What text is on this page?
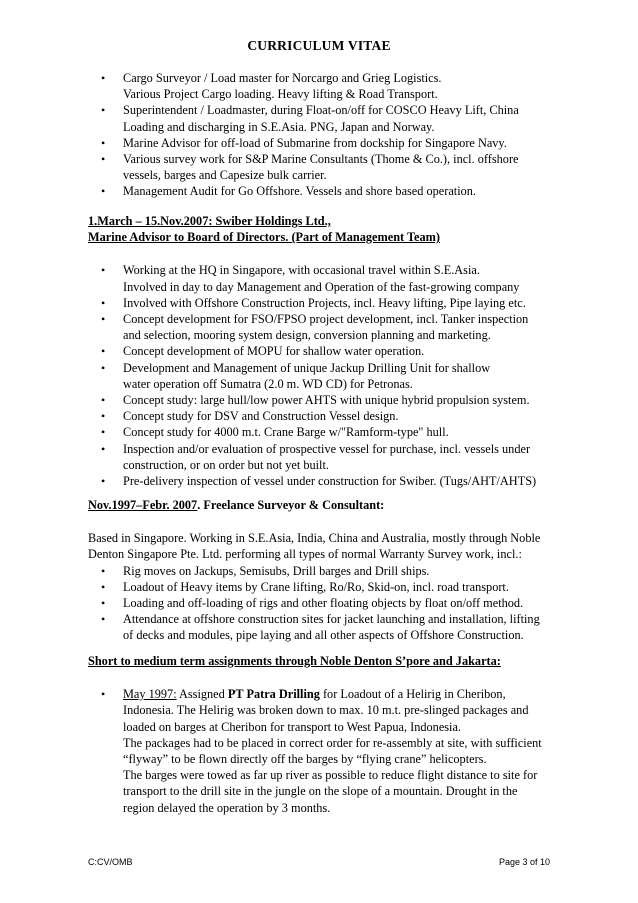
CURRICULUM VITAE
• Cargo Surveyor / Load master for Norcargo and Grieg Logistics.
Various Project Cargo loading. Heavy lifting & Road Transport.
• Superintendent / Loadmaster, during Float-on/off for COSCO Heavy Lift, China
Loading and discharging in S.E.Asia. PNG, Japan and Norway.
• Marine Advisor for off-load of Submarine from dockship for Singapore Navy.
• Various survey work for S&P Marine Consultants (Thome & Co.), incl. offshore
vessels, barges and Capesize bulk carrier.
• Management Audit for Go Offshore. Vessels and shore based operation.
1.March – 15.Nov.2007: Swiber Holdings Ltd.,
Marine Advisor to Board of Directors. (Part of Management Team)
• Working at the HQ in Singapore, with occasional travel within S.E.Asia.
Involved in day to day Management and Operation of the fast-growing company
• Involved with Offshore Construction Projects, incl. Heavy lifting, Pipe laying etc.
• Concept development for FSO/FPSO project development, incl. Tanker inspection
and selection, mooring system design, conversion planning and marketing.
• Concept development of MOPU for shallow water operation.
• Development and Management of unique Jackup Drilling Unit for shallow
water operation off Sumatra (2.0 m. WD CD) for Petronas.
• Concept study: large hull/low power AHTS with unique hybrid propulsion system.
• Concept study for DSV and Construction Vessel design.
• Concept study for 4000 m.t. Crane Barge w/"Ramform-type" hull.
• Inspection and/or evaluation of prospective vessel for purchase, incl. vessels under
construction, or on order but not yet built.
• Pre-delivery inspection of vessel under construction for Swiber. (Tugs/AHT/AHTS)
Nov.1997–Febr. 2007. Freelance Surveyor & Consultant:

Based in Singapore. Working in S.E.Asia, India, China and Australia, mostly through Noble

Denton Singapore Pte. Ltd. performing all types of normal Warranty Survey work, incl.:

• Rig moves on Jackups, Semisubs, Drill barges and Drill ships.
• Loadout of Heavy items by Crane lifting, Ro/Ro, Skid-on, incl. road transport.
• Loading and off-loading of rigs and other floating objects by float on/off method.
• Attendance at offshore construction sites for jacket launching and installation, lifting
of decks and modules, pipe laying and all other aspects of Offshore Construction.
Short to medium term assignments through Noble Denton S’pore and Jakarta:
• May 1997: Assigned PT Patra Drilling for Loadout of a Helirig in Cheribon,
Indonesia. The Helirig was broken down to max. 10 m.t. pre-slinged packages and
loaded on barges at Cheribon for transport to West Papua, Indonesia.
The packages had to be placed in correct order for re-assembly at site, with sufficient
“flyway” to be flown directly off the barges by “flying crane” helicopters.
The barges were towed as far up river as possible to reduce flight distance to site for
transport to the drill site in the jungle on the slope of a mountain. Drought in the
region delayed the operation by 3 months.
C:CV/OMB	Page 3 of 10
